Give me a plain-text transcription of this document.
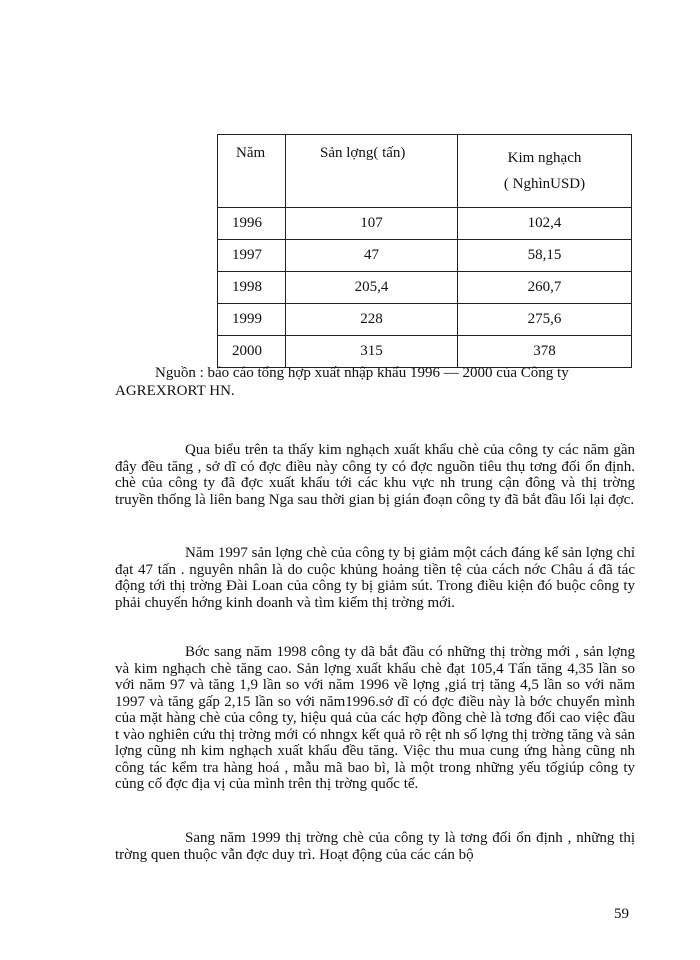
Năm	Sản lợng( tấn)	Kim nghạch
( NghìnUSD)
1996	107	102,4
1997	47	58,15
1998	205,4	260,7
1999	228	275,6
2000	315	378
Nguồn : báo cáo tổng hợp xuất nhập khẩu 1996 — 2000 của Công ty
AGREXRORT HN.

Qua biểu trên ta thấy kim nghạch xuất khẩu chè của công ty các năm gần đây đều tăng , sở dĩ có đợc điều này công ty có đợc nguồn tiêu thụ tơng đối ổn định. chè của công ty đã đợc xuất khẩu tới các khu vực nh trung cận đông và thị trờng truyền thống là liên bang Nga sau thời gian bị gián đoạn công ty đã bắt đầu lối lại đợc.

Năm 1997 sản lợng chè của công ty bị giảm một cách đáng kể sản lợng chỉ đạt 47 tấn . nguyên nhân là do cuộc khủng hoảng tiền tệ của cách nớc Châu á đã tác động tới thị trờng Đài Loan của công ty bị giảm sút. Trong điều kiện đó buộc công ty phải chuyển hớng kinh doanh và tìm kiếm thị trờng mới.

Bớc sang năm 1998 công ty dã bắt đầu có những thị trờng mới , sản lợng và kim nghạch chè tăng cao. Sản lợng xuất khẩu chè đạt 105,4 Tấn tăng 4,35 lần so với năm 97 và tăng 1,9 lần so với năm 1996 về lợng ,giá trị tăng 4,5 lần so với năm 1997 và tăng gấp 2,15 lần so với năm1996.sở dĩ có đợc điều này là bớc chuyển mình của mặt hàng chè của công ty, hiệu quả của các hợp đồng chè là tơng đối cao việc đầu t vào nghiên cứu thị trờng mới có nhngx kết quả rõ rệt nh số lợng thị trờng tăng và sản lợng cũng nh kim nghạch xuất khẩu đều tăng. Việc thu mua cung ứng hàng cũng nh công tác kểm tra hàng hoá , mẫu mã bao bì, là một trong những yếu tốgiúp công ty củng cố đợc địa vị của mình trên thị trờng quốc tế.

Sang năm 1999 thị trờng chè của công ty là tơng đối ổn định , những thị trờng quen thuộc vẫn đợc duy trì. Hoạt động của các cán bộ

59
